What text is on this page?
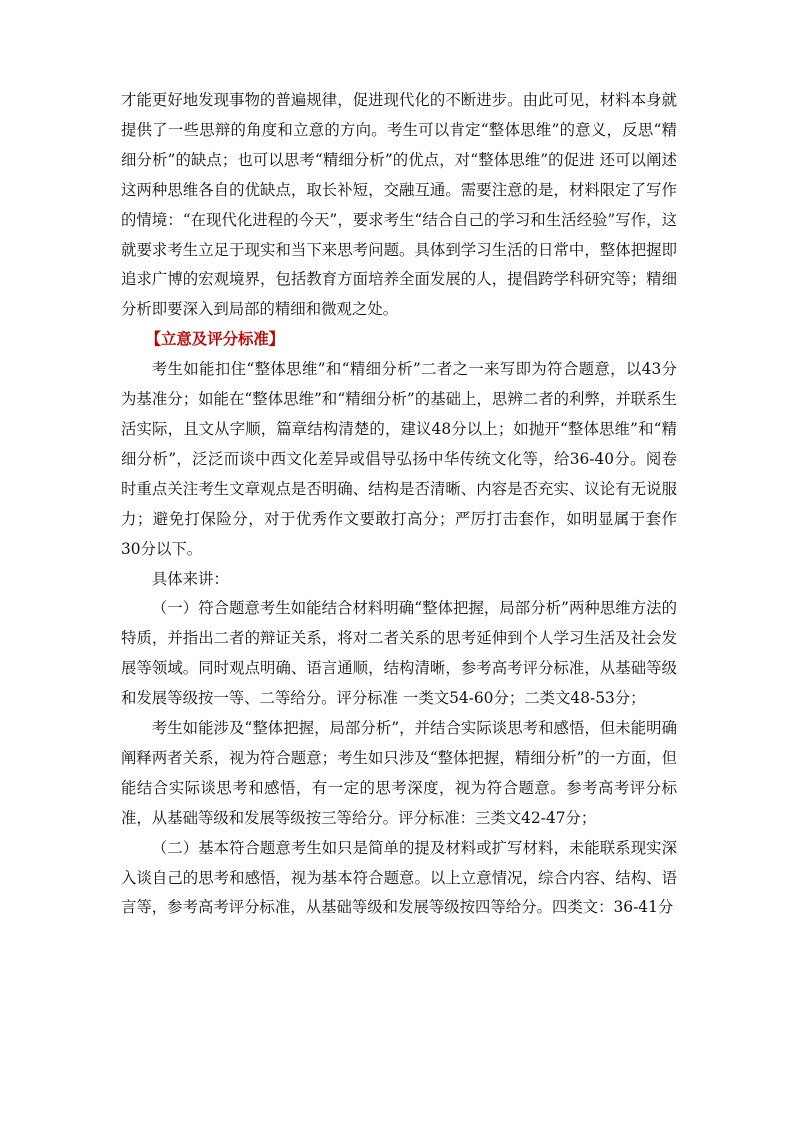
才能更好地发现事物的普遍规律，促进现代化的不断进步。由此可见，材料本身就提供了一些思辩的角度和立意的方向。考生可以肯定“整体思维”的意义，反思“精细分析”的缺点；也可以思考“精细分析”的优点，对“整体思维”的促进 还可以阐述这两种思维各自的优缺点，取长补短，交融互通。需要注意的是，材料限定了写作的情境：“在现代化进程的今天”，要求考生“结合自己的学习和生活经验”写作，这就要求考生立足于现实和当下来思考问题。具体到学习生活的日常中，整体把握即追求广博的宏观境界，包括教育方面培养全面发展的人，提倡跨学科研究等；精细分析即要深入到局部的精细和微观之处。

【立意及评分标准】

考生如能扣住“整体思维”和“精细分析”二者之一来写即为符合题意，以43分为基准分；如能在“整体思维”和“精细分析”的基础上，思辨二者的利弊，并联系生活实际，且文从字顺，篇章结构清楚的，建议48分以上；如抛开“整体思维”和“精细分析”，泛泛而谈中西文化差异或倡导弘扬中华传统文化等，给36-40分。阅卷时重点关注考生文章观点是否明确、结构是否清晰、内容是否充实、议论有无说服力；避免打保险分，对于优秀作文要敢打高分；严厉打击套作，如明显属于套作30分以下。

具体来讲：

（一）符合题意考生如能结合材料明确“整体把握，局部分析”两种思维方法的特质，并指出二者的辩证关系，将对二者关系的思考延伸到个人学习生活及社会发展等领域。同时观点明确、语言通顺，结构清晰，参考高考评分标准，从基础等级和发展等级按一等、二等给分。评分标准 一类文54-60分；二类文48-53分；

考生如能涉及“整体把握，局部分析”，并结合实际谈思考和感悟，但未能明确阐释两者关系，视为符合题意；考生如只涉及“整体把握，精细分析”的一方面，但能结合实际谈思考和感悟，有一定的思考深度，视为符合题意。参考高考评分标准，从基础等级和发展等级按三等给分。评分标准：三类文42-47分；

（二）基本符合题意考生如只是简单的提及材料或扩写材料，未能联系现实深入谈自己的思考和感悟，视为基本符合题意。以上立意情况，综合内容、结构、语言等，参考高考评分标准，从基础等级和发展等级按四等给分。四类文：36-41分
